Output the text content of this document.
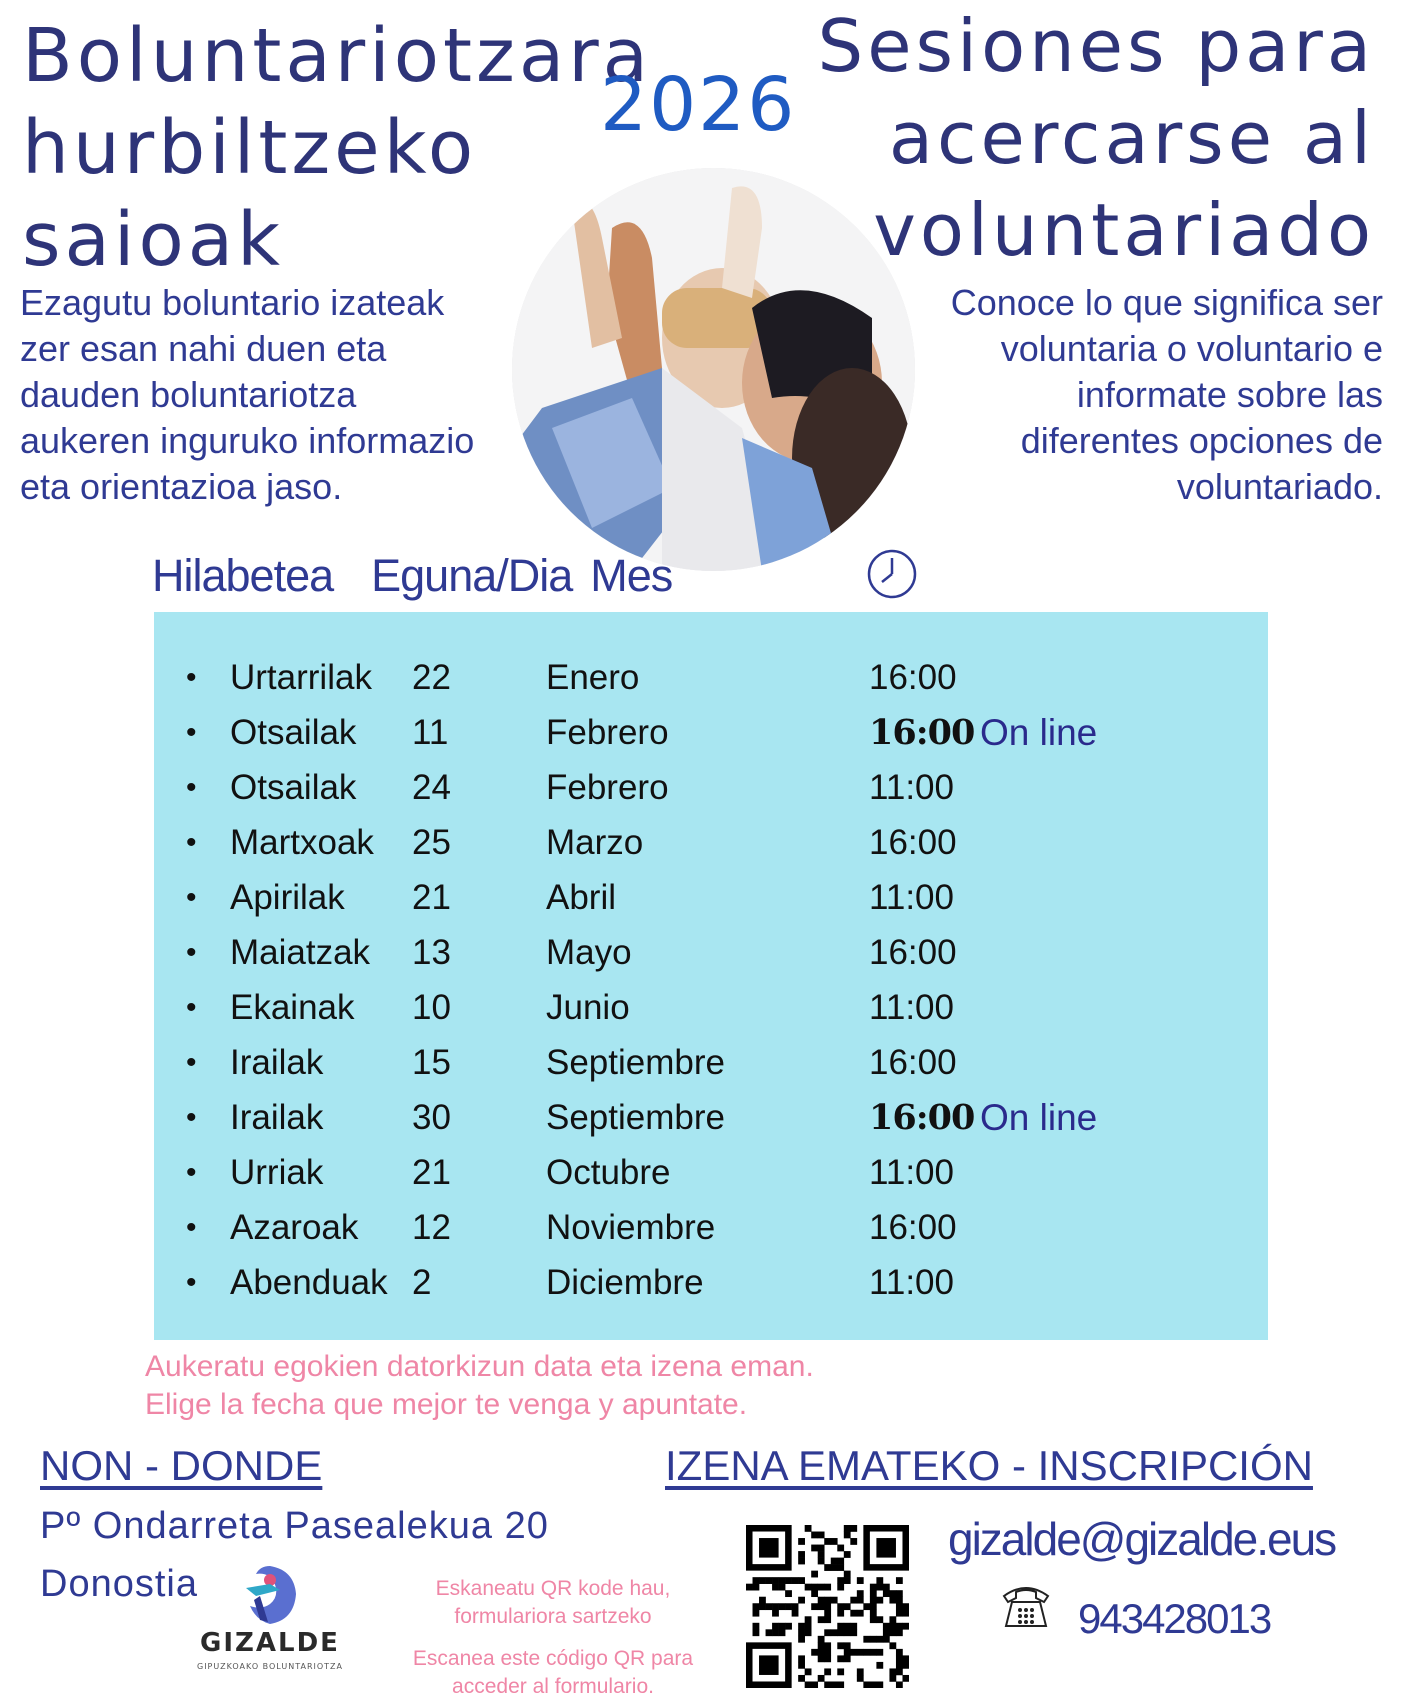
Boluntariotzara
hurbiltzeko
saioak
2026
Sesiones para
acercarse al
voluntariado
Ezagutu boluntario izateak
zer esan nahi duen eta
dauden boluntariotza
aukeren inguruko informazio
eta orientazioa jaso.
Conoce lo que significa ser
voluntaria o voluntario e
informate sobre las
diferentes opciones de
voluntariado.
Hilabetea Eguna/Dia Mes
• Urtarrilak 22	Enero	16:00
• Otsailak 11	Febrero	16:00 On line
• Otsailak 24	Febrero	11:00
• Martxoak 25	Marzo	16:00
• Apirilak 21	Abril	11:00
• Maiatzak 13	Mayo	16:00
• Ekainak 10	Junio	11:00
• Irailak	15	Septiembre	16:00
• Irailak	30	Septiembre	16:00 On line
• Urriak	21	Octubre	11:00
• Azaroak 12	Noviembre	16:00
• Abenduak 2	Diciembre	11:00
Aukeratu egokien datorkizun data eta izena eman.
Elige la fecha que mejor te venga y apuntate.
NON - DONDE	IZENA EMATEKO - INSCRIPCIÓN
Pº Ondarreta Pasealekua 20
Donostia
GIZALDE
GIPUZKOAKO BOLUNTARIOTZA
Eskaneatu QR kode hau,
formulariora sartzeko
Escanea este código QR para
acceder al formulario.
gizalde@gizalde.eus
943428013
